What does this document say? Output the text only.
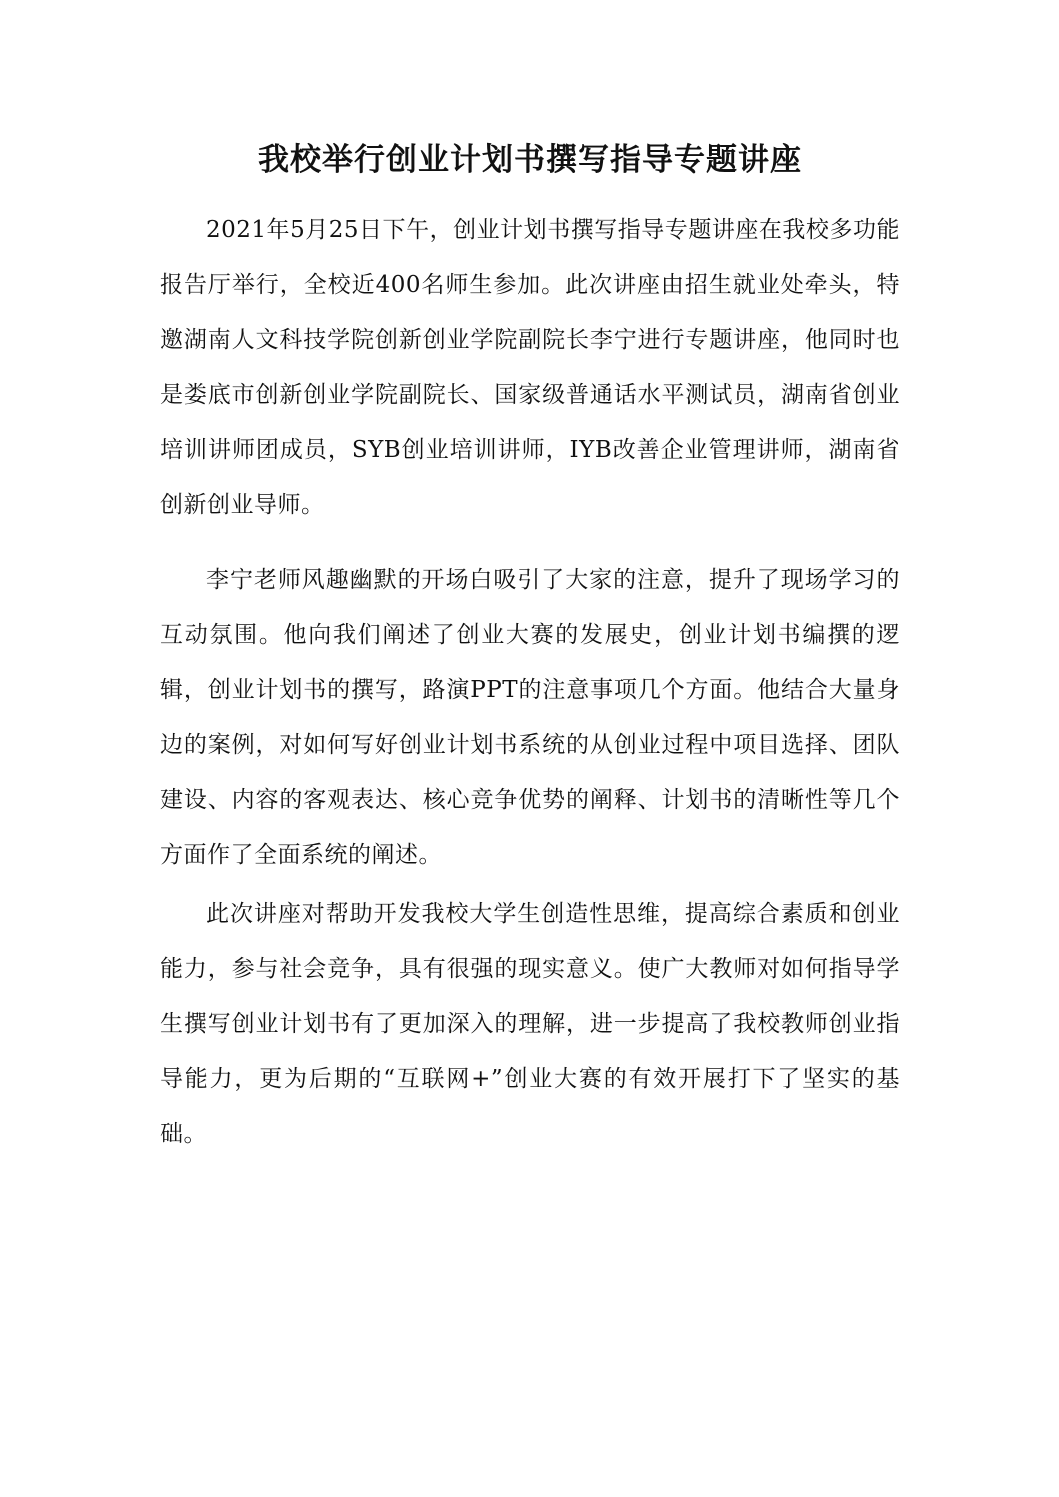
我校举行创业计划书撰写指导专题讲座

2021年5月25日下午，创业计划书撰写指导专题讲座在我校多功能报告厅举行，全校近400名师生参加。此次讲座由招生就业处牵头，特邀湖南人文科技学院创新创业学院副院长李宁进行专题讲座，他同时也是娄底市创新创业学院副院长、国家级普通话水平测试员，湖南省创业培训讲师团成员，SYB创业培训讲师，IYB改善企业管理讲师，湖南省创新创业导师。

李宁老师风趣幽默的开场白吸引了大家的注意，提升了现场学习的互动氛围。他向我们阐述了创业大赛的发展史，创业计划书编撰的逻辑，创业计划书的撰写，路演PPT的注意事项几个方面。他结合大量身边的案例，对如何写好创业计划书系统的从创业过程中项目选择、团队建设、内容的客观表达、核心竞争优势的阐释、计划书的清晰性等几个方面作了全面系统的阐述。

此次讲座对帮助开发我校大学生创造性思维，提高综合素质和创业能力，参与社会竞争，具有很强的现实意义。使广大教师对如何指导学生撰写创业计划书有了更加深入的理解，进一步提高了我校教师创业指导能力，更为后期的“互联网+”创业大赛的有效开展打下了坚实的基础。
